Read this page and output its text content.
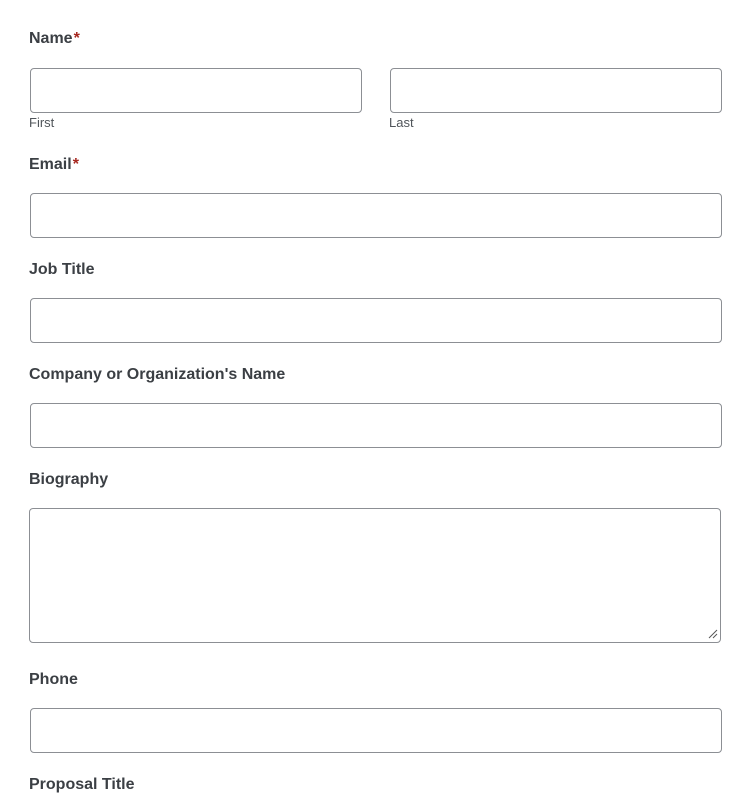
Name*
First	Last
Email*
Job Title
Company or Organization's Name
Biography
Phone
Proposal Title
